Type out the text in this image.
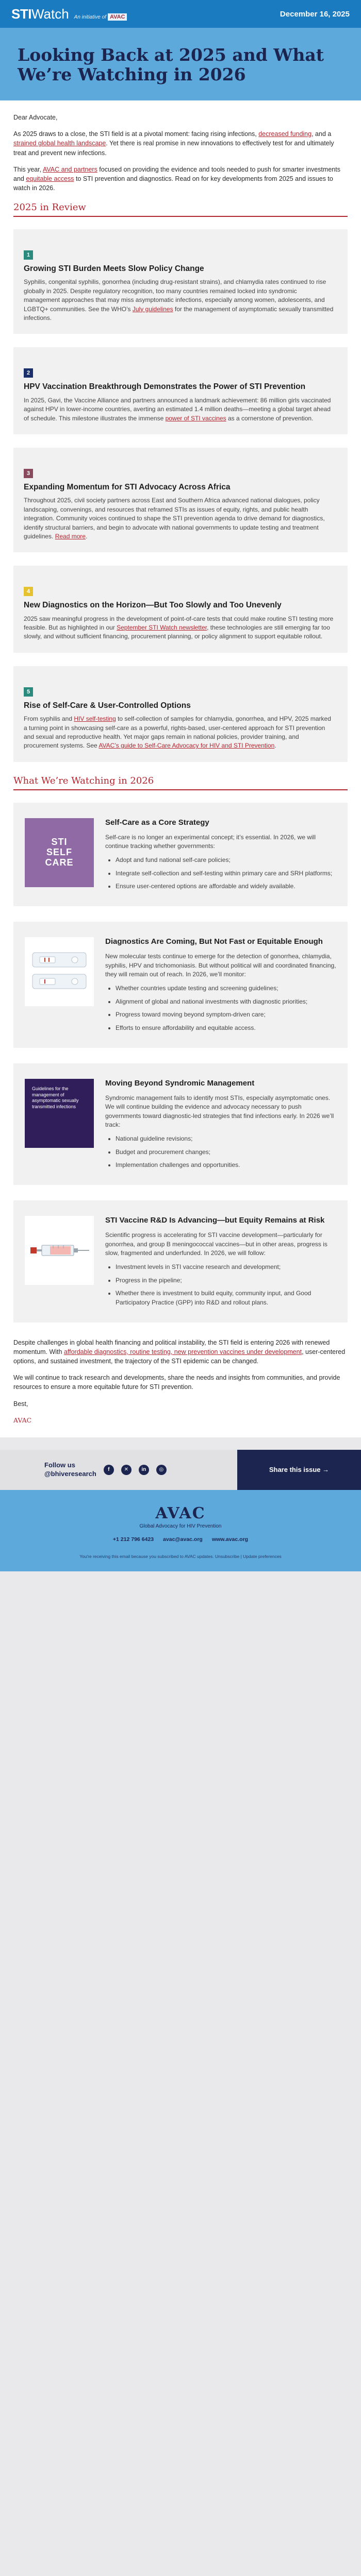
STI Watch An initiative of AVAC	December 16, 2025
Looking Back at 2025 and What We’re Watching in 2026

Dear Advocate,

As 2025 draws to a close, the STI field is at a pivotal moment: facing rising infections, decreased funding, and a strained global health landscape. Yet there is real promise in new innovations to effectively test for and ultimately treat and prevent new infections.

This year, AVAC and partners focused on providing the evidence and tools needed to push for smarter investments and equitable access to STI prevention and diagnostics. Read on for key developments from 2025 and issues to watch in 2026.

2025 in Review
1
Growing STI Burden Meets Slow Policy Change

Syphilis, congenital syphilis, gonorrhea (including drug-resistant strains), and chlamydia rates continued to rise globally in 2025. Despite regulatory recognition, too many countries remained locked into syndromic management approaches that may miss asymptomatic infections, especially among women, adolescents, and LGBTQ+ communities. See the WHO’s July guidelines for the management of asymptomatic sexually transmitted infections.

2
HPV Vaccination Breakthrough Demonstrates the Power of STI Prevention

In 2025, Gavi, the Vaccine Alliance and partners announced a landmark achievement: 86 million girls vaccinated against HPV in lower-income countries, averting an estimated 1.4 million deaths—meeting a global target ahead of schedule. This milestone illustrates the immense power of STI vaccines as a cornerstone of prevention.

3
Expanding Momentum for STI Advocacy Across Africa

Throughout 2025, civil society partners across East and Southern Africa advanced national dialogues, policy landscaping, convenings, and resources that reframed STIs as issues of equity, rights, and public health integration. Community voices continued to shape the STI prevention agenda to drive demand for diagnostics, identify structural barriers, and begin to advocate with national governments to update testing and treatment guidelines. Read more.

4
New Diagnostics on the Horizon—But Too Slowly and Too Unevenly

2025 saw meaningful progress in the development of point-of-care tests that could make routine STI testing more feasible. But as highlighted in our September STI Watch newsletter, these technologies are still emerging far too slowly, and without sufficient financing, procurement planning, or policy alignment to support equitable rollout.

5
Rise of Self-Care & User-Controlled Options

From syphilis and HIV self-testing to self-collection of samples for chlamydia, gonorrhea, and HPV, 2025 marked a turning point in showcasing self-care as a powerful, rights-based, user-centered approach for STI prevention and sexual and reproductive health. Yet major gaps remain in national policies, provider training, and procurement systems. See AVAC’s guide to Self-Care Advocacy for HIV and STI Prevention.

What We’re Watching in 2026
STI
SELF
CARE
Self-Care as a Core Strategy

Self-care is no longer an experimental concept; it’s essential. In 2026, we will continue tracking whether governments:

• Adopt and fund national self-care policies;
• Integrate self-collection and self-testing within primary care and SRH platforms;
• Ensure user-centered options are affordable and widely available.
Diagnostics Are Coming, But Not Fast or Equitable Enough

New molecular tests continue to emerge for the detection of gonorrhea, chlamydia, syphilis, HPV and trichomoniasis. But without political will and coordinated financing, they will remain out of reach. In 2026, we’ll monitor:

• Whether countries update testing and screening guidelines;
• Alignment of global and national investments with diagnostic priorities;
• Progress toward moving beyond symptom-driven care;
• Efforts to ensure affordability and equitable access.
Guidelines for the management of asymptomatic sexually transmitted infections
Moving Beyond Syndromic Management

Syndromic management fails to identify most STIs, especially asymptomatic ones. We will continue building the evidence and advocacy necessary to push governments toward diagnostic-led strategies that find infections early. In 2026 we’ll track:

• National guideline revisions;
• Budget and procurement changes;
• Implementation challenges and opportunities.
STI Vaccine R&D Is Advancing—but Equity Remains at Risk

Scientific progress is accelerating for STI vaccine development—particularly for gonorrhea, and group B meningococcal vaccines—but in other areas, progress is slow, fragmented and underfunded. In 2026, we will follow:

• Investment levels in STI vaccine research and development;
• Progress in the pipeline;
• Whether there is investment to build equity, community input, and Good Participatory Practice (GPP) into R&D and rollout plans.

Despite challenges in global health financing and political instability, the STI field is entering 2026 with renewed momentum. With affordable diagnostics, routine testing, new prevention vaccines under development, user-centered options, and sustained investment, the trajectory of the STI epidemic can be changed.

We will continue to track research and developments, share the needs and insights from communities, and provide resources to ensure a more equitable future for STI prevention.

Best,

AVAC

Follow us
@bhiveresearch	f	✕	in	◎	Share this issue →
AVAC
Global Advocacy for HIV Prevention
+1 212 796 6423 avac@avac.org www.avac.org
You're receiving this email because you subscribed to AVAC updates. Unsubscribe | Update preferences
